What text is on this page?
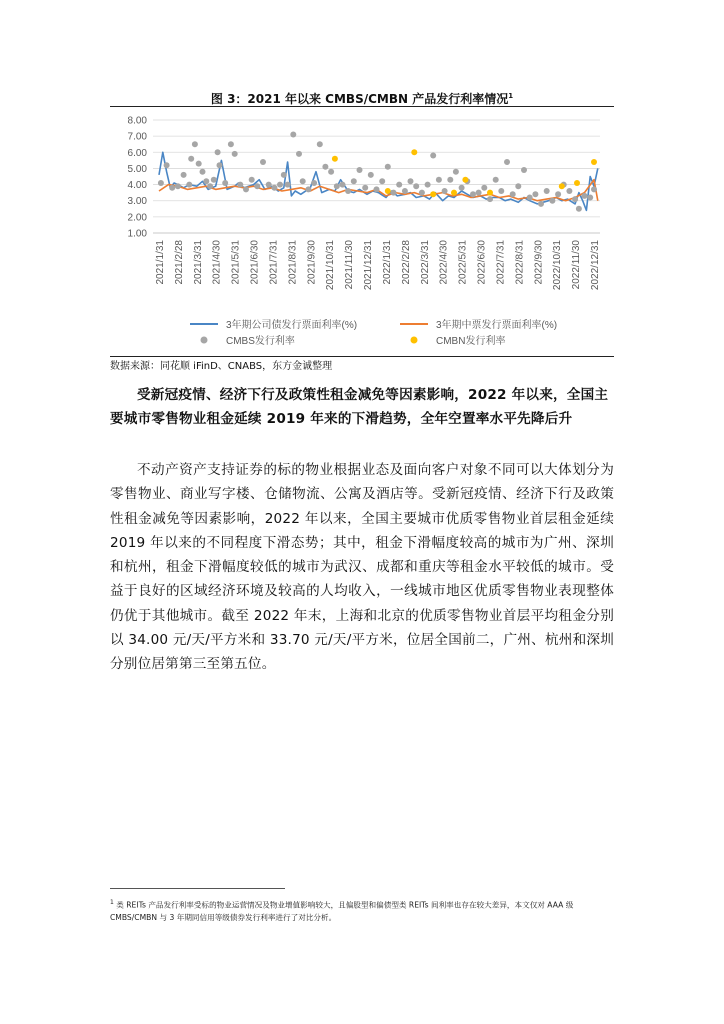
图 3：2021 年以来 CMBS/CMBN 产品发行利率情况$^1$
8.00
7.00
6.00
5.00
4.00
3.00
2.00
1.00
2021/1/31 2021/2/28 2021/3/31 2021/4/30 2021/5/31 2021/6/30 2021/7/31 2021/8/31 2021/9/30 2021/10/31 2021/11/30 2021/12/31 2022/1/31 2022/2/28 2022/3/31 2022/4/30 2022/5/31 2022/6/30 2022/7/31 2022/8/31 2022/9/30 2022/10/31 2022/11/30 2022/12/31
3年期公司债发行票面利率(%)	3年期中票发行票面利率(%)
CMBS发行利率	CMBN发行利率
数据来源：同花顺 iFinD、CNABS，东方金诚整理
受新冠疫情、经济下行及政策性租金减免等因素影响，2022 年以来，全国主要城市零售物业租金延续 2019 年来的下滑趋势，全年空置率水平先降后升
不动产资产支持证券的标的物业根据业态及面向客户对象不同可以大体划分为零售物业、商业写字楼、仓储物流、公寓及酒店等。受新冠疫情、经济下行及政策性租金减免等因素影响，2022 年以来，全国主要城市优质零售物业首层租金延续 2019 年以来的不同程度下滑态势；其中，租金下滑幅度较高的城市为广州、深圳和杭州，租金下滑幅度较低的城市为武汉、成都和重庆等租金水平较低的城市。受益于良好的区域经济环境及较高的人均收入，一线城市地区优质零售物业表现整体仍优于其他城市。截至 2022 年末，上海和北京的优质零售物业首层平均租金分别以 34.00 元/天/平方米和 33.70 元/天/平方米，位居全国前二，广州、杭州和深圳分别位居第第三至第五位。
$^1$ 类 REITs 产品发行利率受标的物业运营情况及物业增值影响较大，且偏股型和偏债型类 REITs 间利率也存在较大差异，本文仅对 AAA 级 CMBS/CMBN 与 3 年期同信用等级债券发行利率进行了对比分析。
